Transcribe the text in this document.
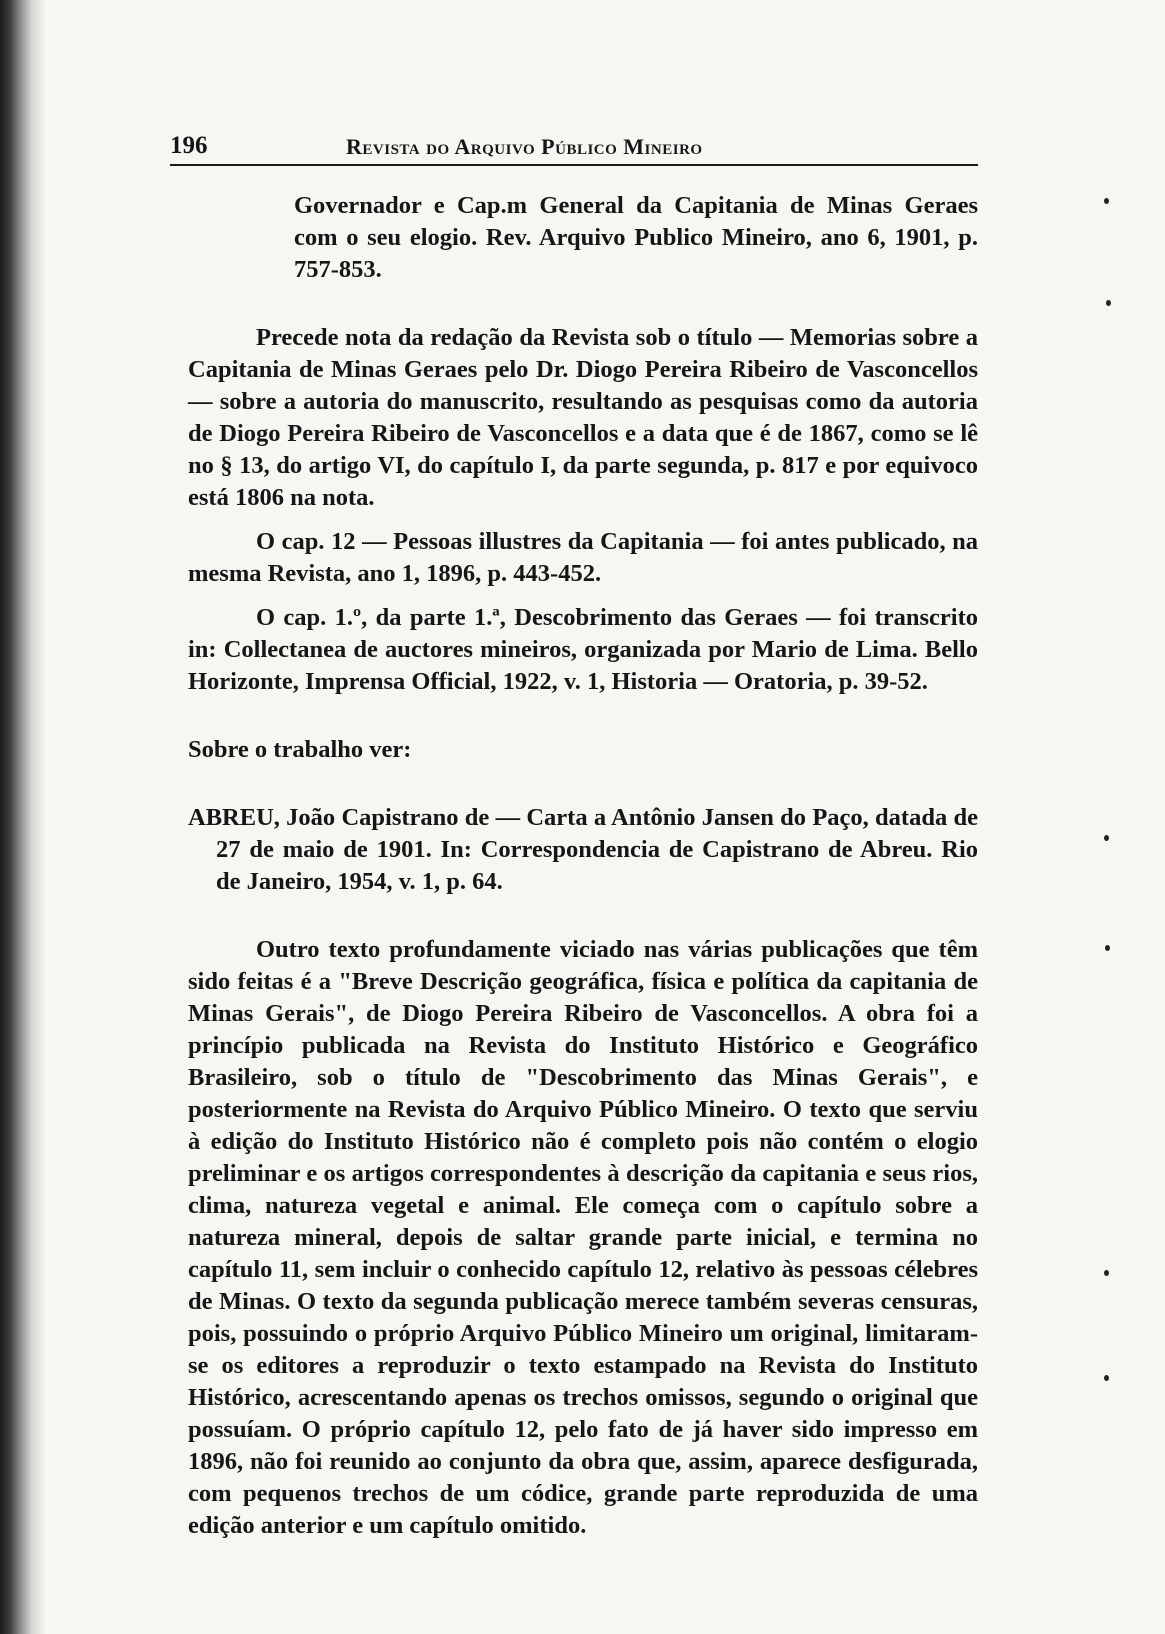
196	Revista do Arquivo Público Mineiro

Governador e Cap.m General da Capitania de Minas Geraes com o seu elogio. Rev. Arquivo Publico Mineiro, ano 6, 1901, p. 757-853.

Precede nota da redação da Revista sob o título — Memorias sobre a Capitania de Minas Geraes pelo Dr. Diogo Pereira Ribeiro de Vasconcellos — sobre a autoria do manuscrito, resultando as pesquisas como da autoria de Diogo Pereira Ribeiro de Vasconcellos e a data que é de 1867, como se lê no § 13, do artigo VI, do capítulo I, da parte segunda, p. 817 e por equivoco está 1806 na nota.

O cap. 12 — Pessoas illustres da Capitania — foi antes publicado, na mesma Revista, ano 1, 1896, p. 443-452.

O cap. 1.º, da parte 1.ª, Descobrimento das Geraes — foi transcrito in: Collectanea de auctores mineiros, organizada por Mario de Lima. Bello Horizonte, Imprensa Official, 1922, v. 1, Historia — Oratoria, p. 39-52.

Sobre o trabalho ver:

ABREU, João Capistrano de — Carta a Antônio Jansen do Paço, datada de 27 de maio de 1901. In: Correspondencia de Capistrano de Abreu. Rio de Janeiro, 1954, v. 1, p. 64.

Outro texto profundamente viciado nas várias publicações que têm sido feitas é a "Breve Descrição geográfica, física e política da capitania de Minas Gerais", de Diogo Pereira Ribeiro de Vasconcellos. A obra foi a princípio publicada na Revista do Instituto Histórico e Geográfico Brasileiro, sob o título de "Descobrimento das Minas Gerais", e posteriormente na Revista do Arquivo Público Mineiro. O texto que serviu à edição do Instituto Histórico não é completo pois não contém o elogio preliminar e os artigos correspondentes à descrição da capitania e seus rios, clima, natureza vegetal e animal. Ele começa com o capítulo sobre a natureza mineral, depois de saltar grande parte inicial, e termina no capítulo 11, sem incluir o conhecido capítulo 12, relativo às pessoas célebres de Minas. O texto da segunda publicação merece também severas censuras, pois, possuindo o próprio Arquivo Público Mineiro um original, limitaram-se os editores a reproduzir o texto estampado na Revista do Instituto Histórico, acrescentando apenas os trechos omissos, segundo o original que possuíam. O próprio capítulo 12, pelo fato de já haver sido impresso em 1896, não foi reunido ao conjunto da obra que, assim, aparece desfigurada, com pequenos trechos de um códice, grande parte reproduzida de uma edição anterior e um capítulo omitido.
